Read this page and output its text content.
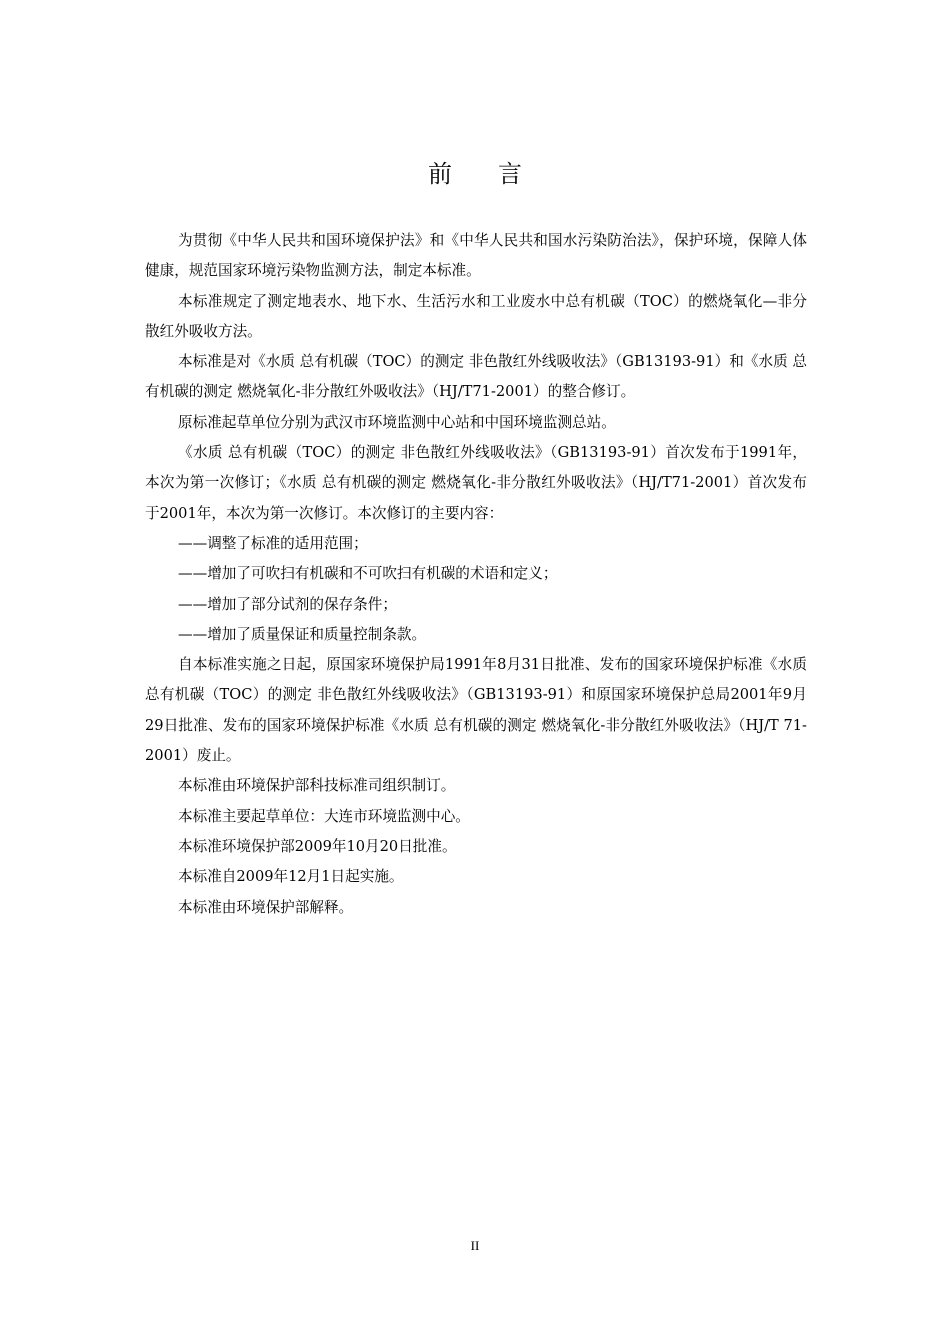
前言

为贯彻《中华人民共和国环境保护法》和《中华人民共和国水污染防治法》，保护环境，保障人体健康，规范国家环境污染物监测方法，制定本标准。

本标准规定了测定地表水、地下水、生活污水和工业废水中总有机碳（TOC）的燃烧氧化—非分散红外吸收方法。

本标准是对《水质 总有机碳（TOC）的测定 非色散红外线吸收法》（GB13193-91）和《水质 总有机碳的测定 燃烧氧化-非分散红外吸收法》（HJ/T71-2001）的整合修订。

原标准起草单位分别为武汉市环境监测中心站和中国环境监测总站。

《水质 总有机碳（TOC）的测定 非色散红外线吸收法》（GB13193-91）首次发布于1991年，本次为第一次修订；《水质 总有机碳的测定 燃烧氧化-非分散红外吸收法》（HJ/T71-2001）首次发布于2001年，本次为第一次修订。本次修订的主要内容：

——调整了标准的适用范围；

——增加了可吹扫有机碳和不可吹扫有机碳的术语和定义；

——增加了部分试剂的保存条件；

——增加了质量保证和质量控制条款。

自本标准实施之日起，原国家环境保护局1991年8月31日批准、发布的国家环境保护标准《水质 总有机碳（TOC）的测定 非色散红外线吸收法》（GB13193-91）和原国家环境保护总局2001年9月29日批准、发布的国家环境保护标准《水质 总有机碳的测定 燃烧氧化-非分散红外吸收法》（HJ/T 71-2001）废止。

本标准由环境保护部科技标准司组织制订。

本标准主要起草单位：大连市环境监测中心。

本标准环境保护部2009年10月20日批准。

本标准自2009年12月1日起实施。

本标准由环境保护部解释。

II
